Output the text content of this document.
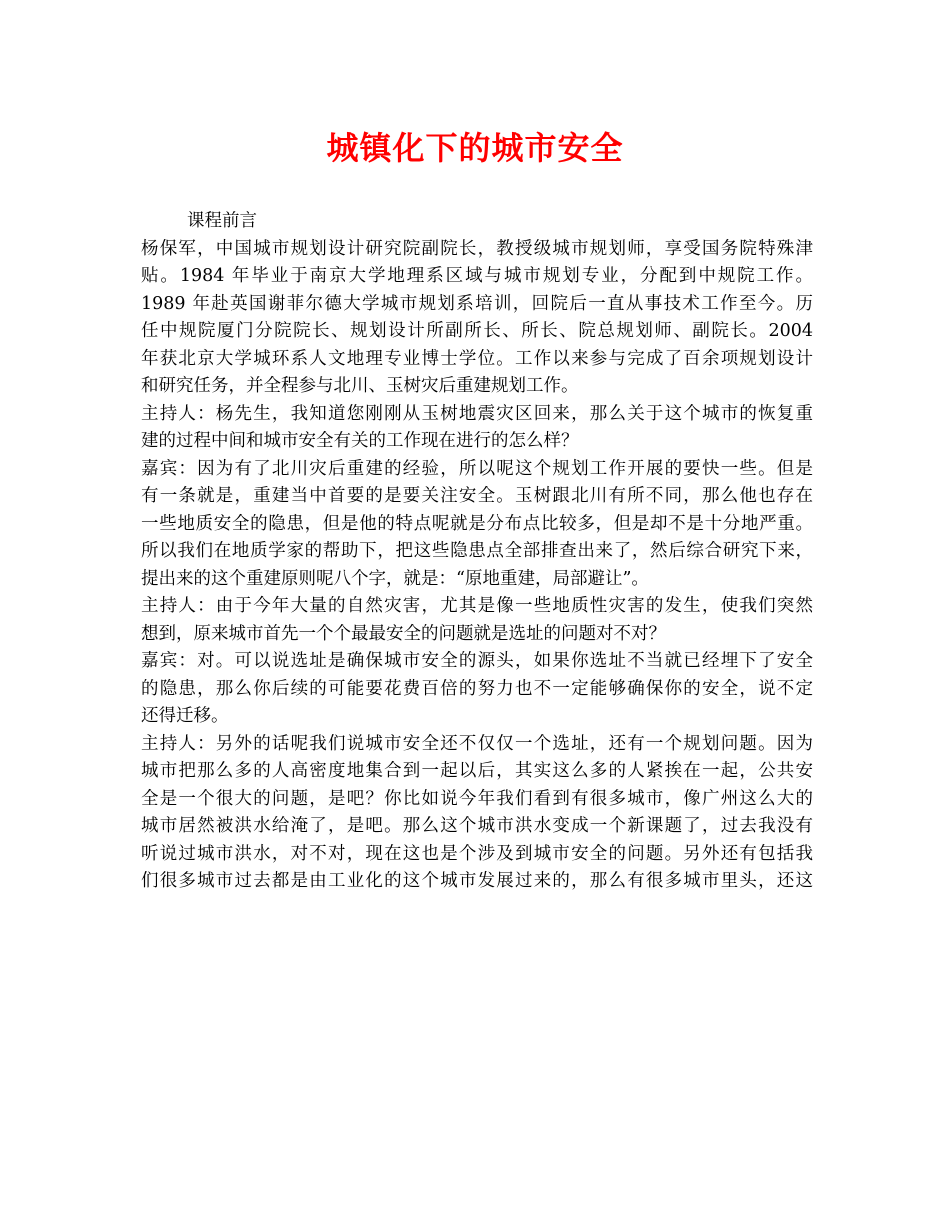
城镇化下的城市安全
课程前言
杨保军，中国城市规划设计研究院副院长，教授级城市规划师，享受国务院特殊津
贴。1984 年毕业于南京大学地理系区域与城市规划专业，分配到中规院工作。
1989 年赴英国谢菲尔德大学城市规划系培训，回院后一直从事技术工作至今。历
任中规院厦门分院院长、规划设计所副所长、所长、院总规划师、副院长。2004
年获北京大学城环系人文地理专业博士学位。工作以来参与完成了百余项规划设计
和研究任务，并全程参与北川、玉树灾后重建规划工作。
主持人：杨先生，我知道您刚刚从玉树地震灾区回来，那么关于这个城市的恢复重
建的过程中间和城市安全有关的工作现在进行的怎么样？
嘉宾：因为有了北川灾后重建的经验，所以呢这个规划工作开展的要快一些。但是
有一条就是，重建当中首要的是要关注安全。玉树跟北川有所不同，那么他也存在
一些地质安全的隐患，但是他的特点呢就是分布点比较多，但是却不是十分地严重。
所以我们在地质学家的帮助下，把这些隐患点全部排查出来了，然后综合研究下来，
提出来的这个重建原则呢八个字，就是：“原地重建，局部避让”。
主持人：由于今年大量的自然灾害，尤其是像一些地质性灾害的发生，使我们突然
想到，原来城市首先一个个最最安全的问题就是选址的问题对不对？
嘉宾：对。可以说选址是确保城市安全的源头，如果你选址不当就已经埋下了安全
的隐患，那么你后续的可能要花费百倍的努力也不一定能够确保你的安全，说不定
还得迁移。
主持人：另外的话呢我们说城市安全还不仅仅一个选址，还有一个规划问题。因为
城市把那么多的人高密度地集合到一起以后，其实这么多的人紧挨在一起，公共安
全是一个很大的问题，是吧？你比如说今年我们看到有很多城市，像广州这么大的
城市居然被洪水给淹了，是吧。那么这个城市洪水变成一个新课题了，过去我没有
听说过城市洪水，对不对，现在这也是个涉及到城市安全的问题。另外还有包括我
们很多城市过去都是由工业化的这个城市发展过来的，那么有很多城市里头，还这
